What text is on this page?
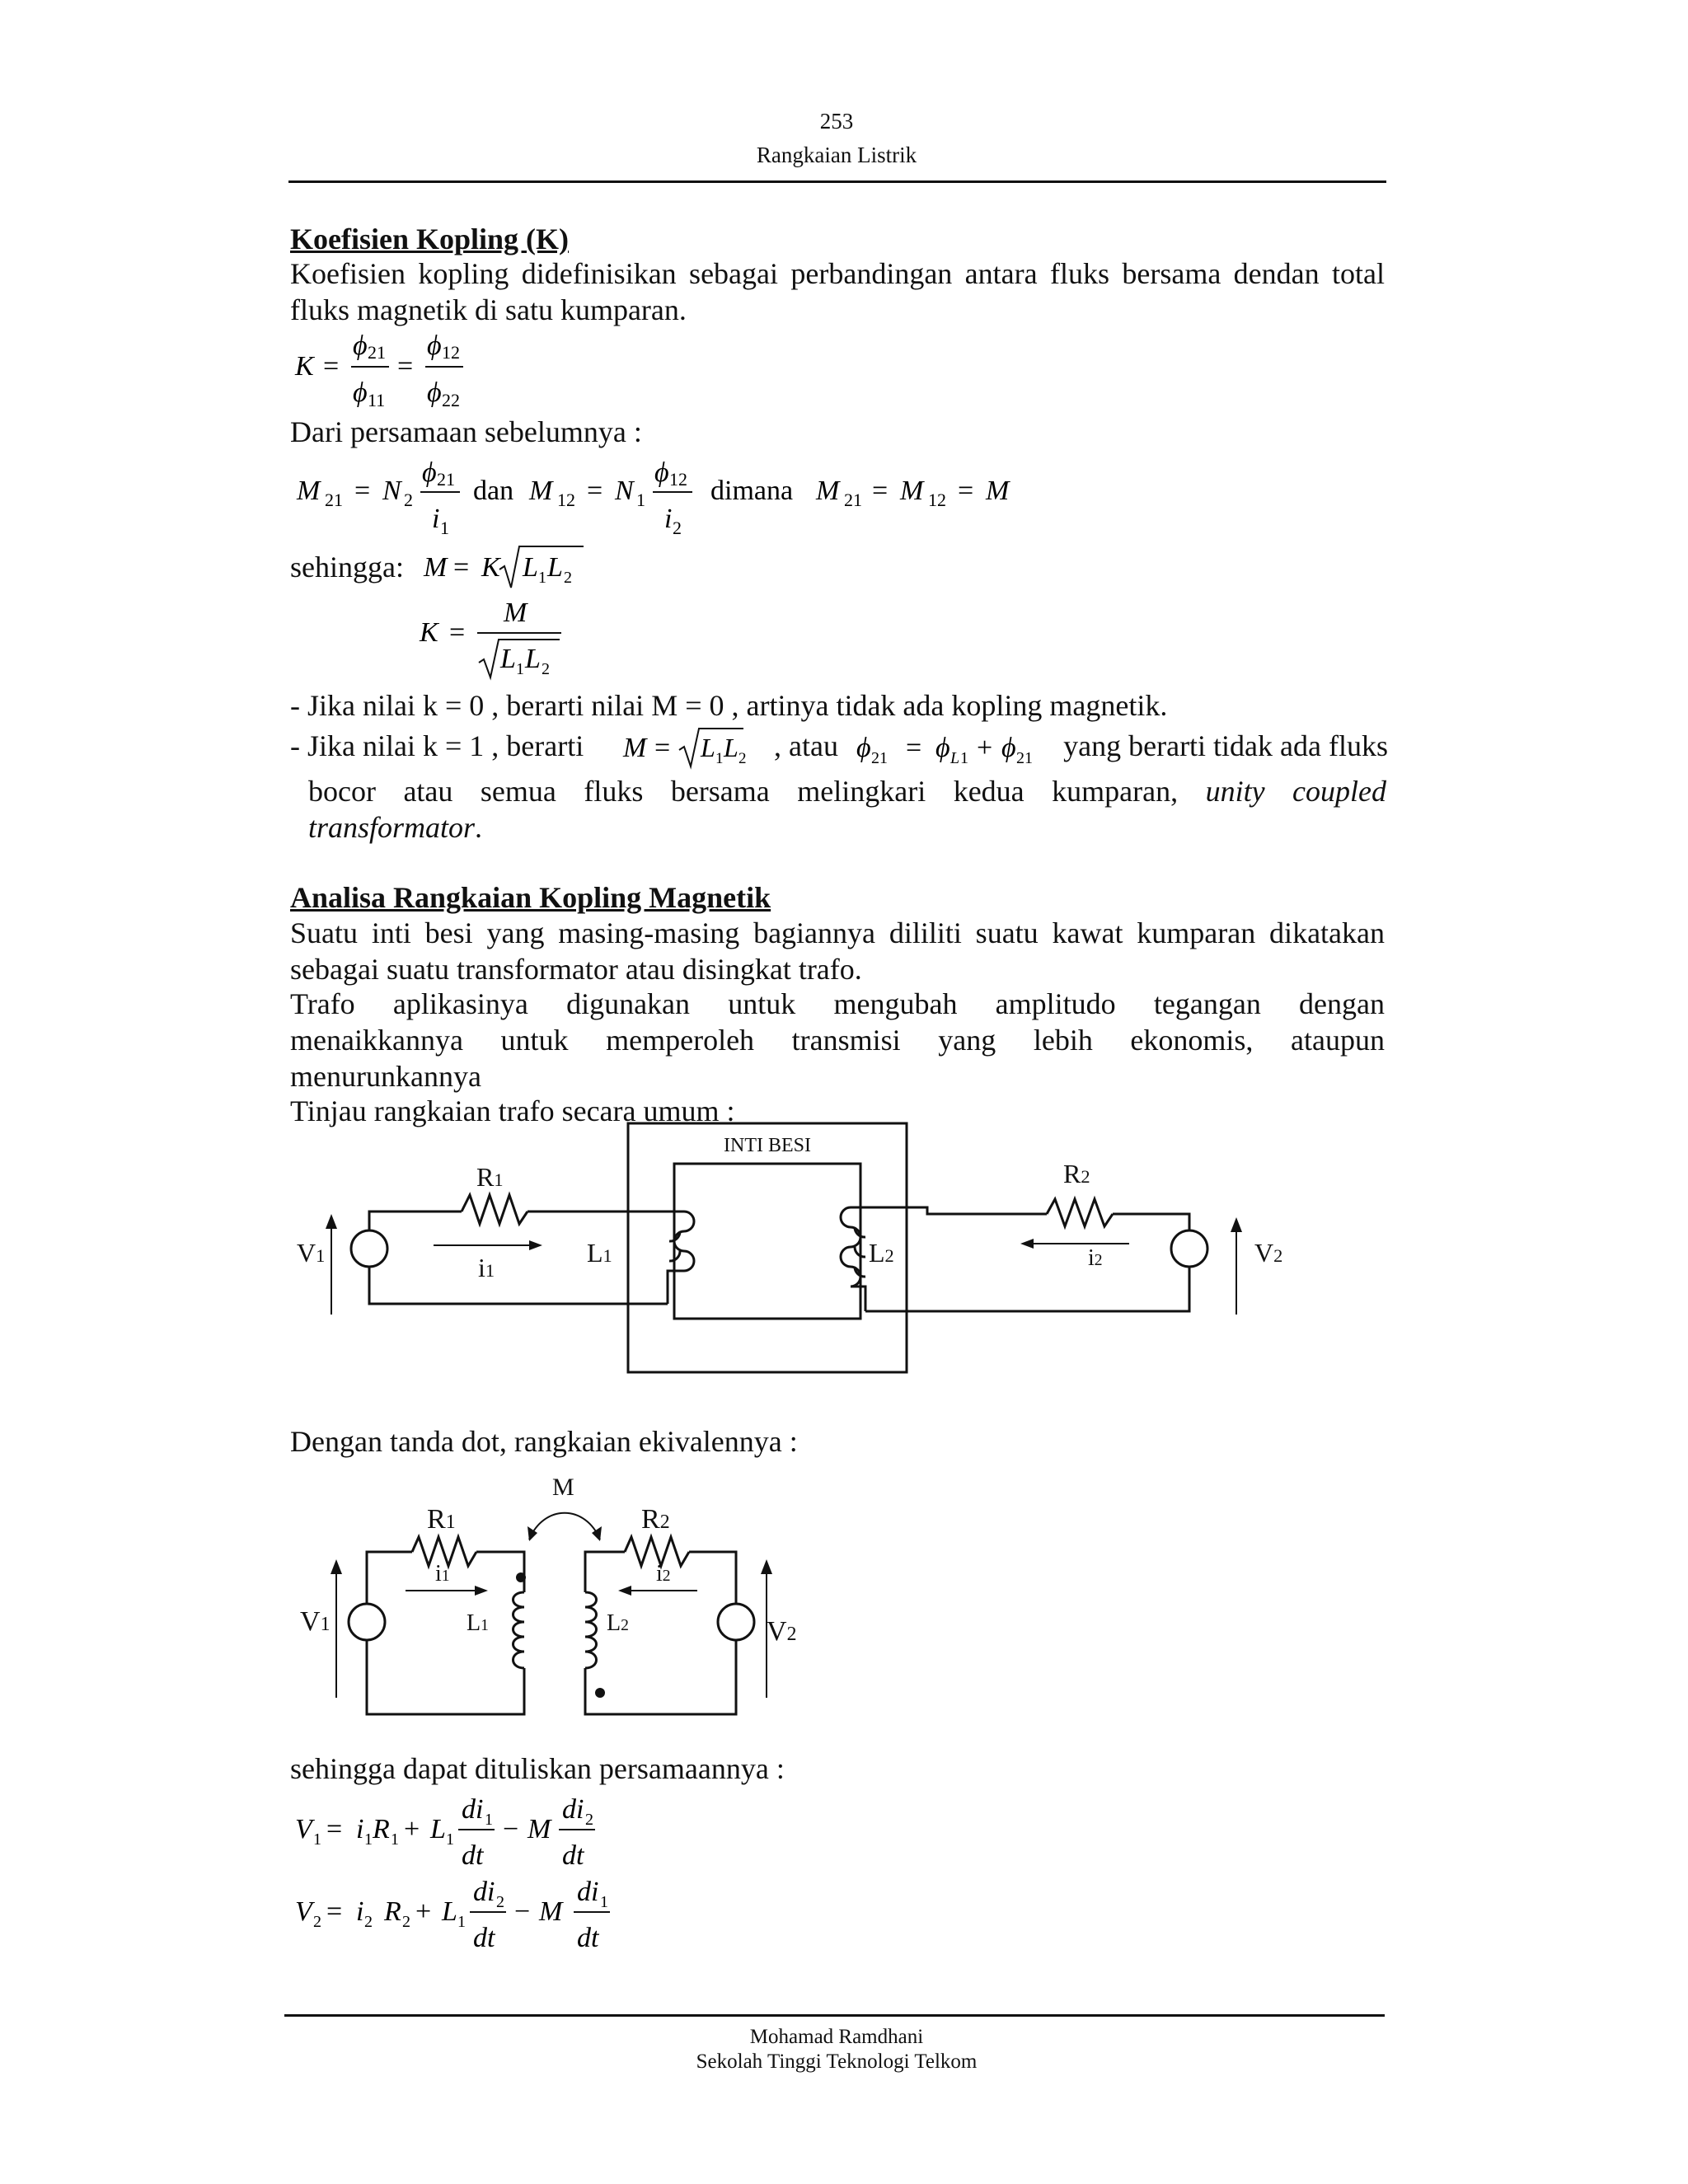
253
Rangkaian Listrik
Koefisien Kopling (K)
Koefisien kopling didefinisikan sebagai perbandingan antara fluks bersama dendan total fluks magnetik di satu kumparan.
K =
ϕ 21
ϕ 11
=
ϕ 12
ϕ 22
Dari persamaan sebelumnya :
M 21 = N 2
ϕ 21
i 1
dan M 12 = N 1
ϕ 12
i 2
dimana M 21 = M 12 = M
sehingga: M = K L 1 L 2
K =
M
L 1 L 2
- Jika nilai k = 0 , berarti nilai M = 0 , artinya tidak ada kopling magnetik.
- Jika nilai k = 1 , berarti M = L 1 L 2 , atau ϕ 21 = ϕ L 1 + ϕ 21	yang berarti tidak ada fluks
bocor atau semua fluks bersama melingkari kedua kumparan, unity coupled
transformator.
Analisa Rangkaian Kopling Magnetik
Suatu inti besi yang masing-masing bagiannya dililiti suatu kawat kumparan dikatakan sebagai suatu transformator atau disingkat trafo.
Trafo aplikasinya digunakan untuk mengubah amplitudo tegangan dengan
menaikkannya untuk memperoleh transmisi yang lebih ekonomis, ataupun
menurunkannya
Tinjau rangkaian trafo secara umum :
INTI BESI
R1	R2
V1	V2
i1	i2
L1	L2
Dengan tanda dot, rangkaian ekivalennya :
M
R1	R2
i1	i2
V1	V2
L1	L2
sehingga dapat dituliskan persamaannya :
V 1 = i 1 R 1 + L 1
di 1
dt
− M
di 2
dt
V 2 = i 2 R 2 + L 1
di 2
dt
− M
di 1
dt
Mohamad Ramdhani
Sekolah Tinggi Teknologi Telkom
